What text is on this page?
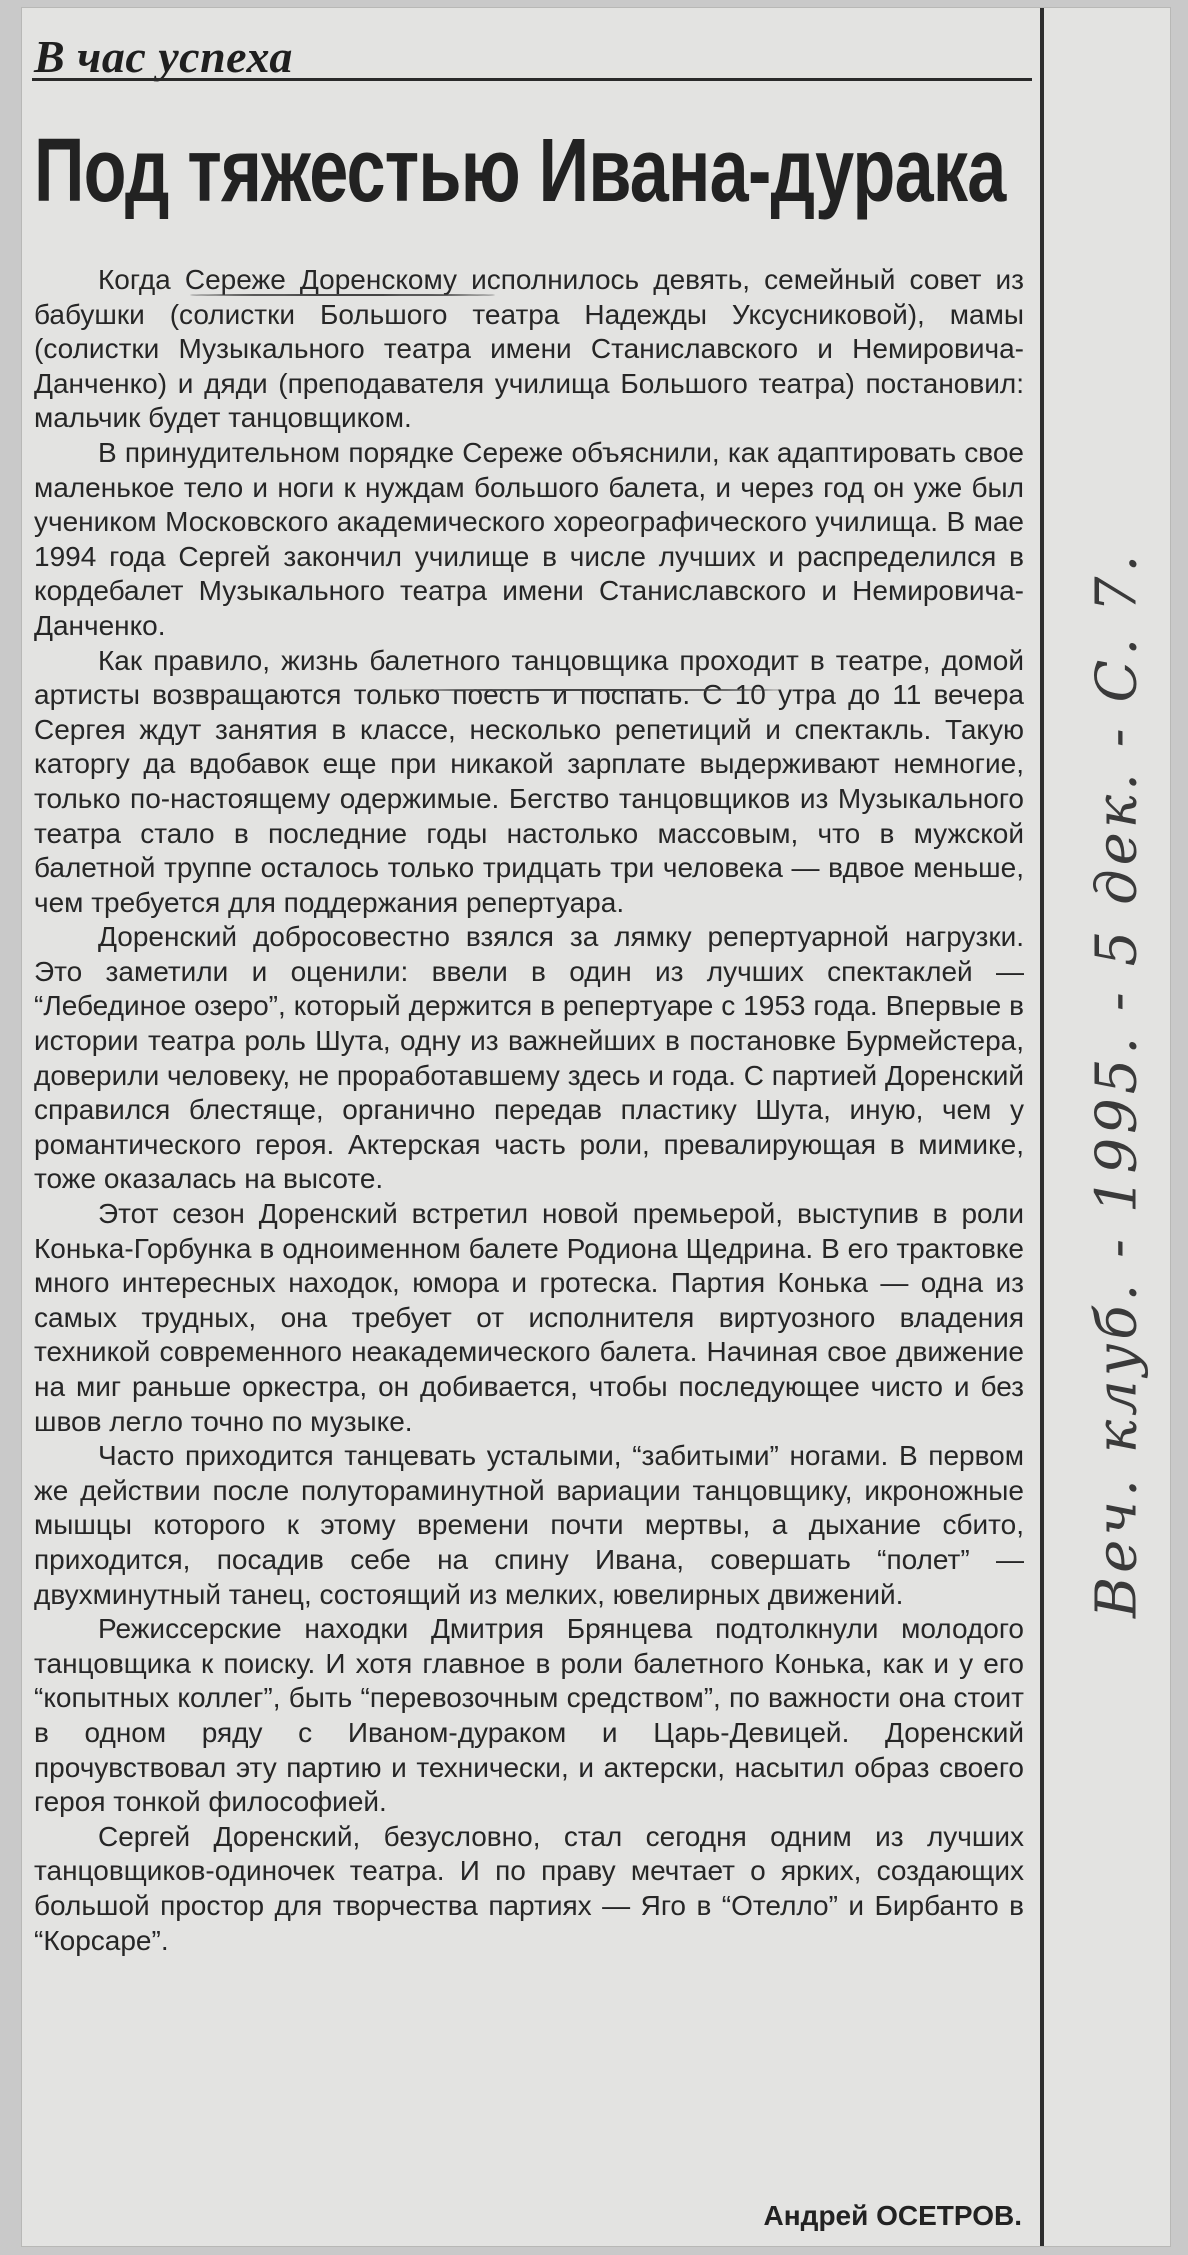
В час успеха
Под тяжестью Ивана-дурака

Когда Сереже Доренскому исполнилось девять, семейный совет из бабушки (солистки Большого театра Надежды Уксусниковой), мамы (солистки Музыкального театра имени Станиславского и Немировича-Данченко) и дяди (преподавателя училища Большого театра) постановил: мальчик будет танцовщиком.

В принудительном порядке Сереже объяснили, как адаптировать свое маленькое тело и ноги к нуждам большого балета, и через год он уже был учеником Московского академического хореографического училища. В мае 1994 года Сергей закончил училище в числе лучших и распределился в кордебалет Музыкального театра имени Станиславского и Немировича-Данченко.

Как правило, жизнь балетного танцовщика проходит в театре, домой артисты возвращаются только поесть и поспать. С 10 утра до 11 вечера Сергея ждут занятия в классе, несколько репетиций и спектакль. Такую каторгу да вдобавок еще при никакой зарплате выдерживают немногие, только по-настоящему одержимые. Бегство танцовщиков из Музыкального театра стало в последние годы настолько массовым, что в мужской балетной труппе осталось только тридцать три человека — вдвое меньше, чем требуется для поддержания репертуара.

Доренский добросовестно взялся за лямку репертуарной нагрузки. Это заметили и оценили: ввели в один из лучших спектаклей — “Лебединое озеро”, который держится в репертуаре с 1953 года. Впервые в истории театра роль Шута, одну из важнейших в постановке Бурмейстера, доверили человеку, не проработавшему здесь и года. С партией Доренский справился блестяще, органично передав пластику Шута, иную, чем у романтического героя. Актерская часть роли, превалирующая в мимике, тоже оказалась на высоте.

Этот сезон Доренский встретил новой премьерой, выступив в роли Конька-Горбунка в одноименном балете Родиона Щедрина. В его трактовке много интересных находок, юмора и гротеска. Партия Конька — одна из самых трудных, она требует от исполнителя виртуозного владения техникой современного неакадемического балета. Начиная свое движение на миг раньше оркестра, он добивается, чтобы последующее чисто и без швов легло точно по музыке.

Часто приходится танцевать усталыми, “забитыми” ногами. В первом же действии после полутораминутной вариации танцовщику, икроножные мышцы которого к этому времени почти мертвы, а дыхание сбито, приходится, посадив себе на спину Ивана, совершать “полет” — двухминутный танец, состоящий из мелких, ювелирных движений.

Режиссерские находки Дмитрия Брянцева подтолкнули молодого танцовщика к поиску. И хотя главное в роли балетного Конька, как и у его “копытных коллег”, быть “перевозочным средством”, по важности она стоит в одном ряду с Иваном-дураком и Царь-Девицей. Доренский прочувствовал эту партию и технически, и актерски, насытил образ своего героя тонкой философией.

Сергей Доренский, безусловно, стал сегодня одним из лучших танцовщиков-одиночек театра. И по праву мечтает о ярких, создающих большой простор для творчества партиях — Яго в “Отелло” и Бирбанто в “Корсаре”.

Андрей ОСЕТРОВ.
Веч. клуб. - 1995. - 5 дек. - С. 7.
